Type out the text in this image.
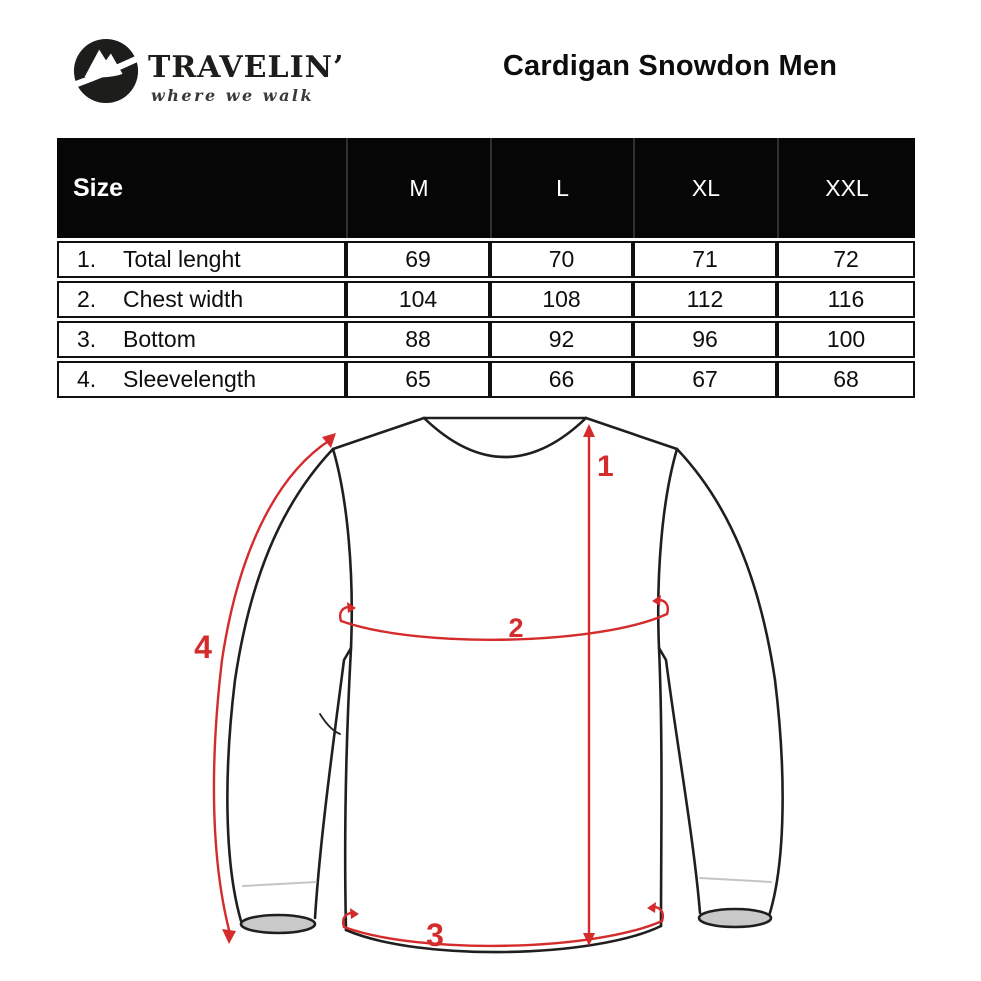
TRAVELIN’
where we walk
Cardigan Snowdon Men
Size	M	L	XL	XXL
1. Total lenght	69	70	71	72
2. Chest width	104	108	112	116
3. Bottom	88	92	96	100
4. Sleevelength	65	66	67	68
1
2
3
4
